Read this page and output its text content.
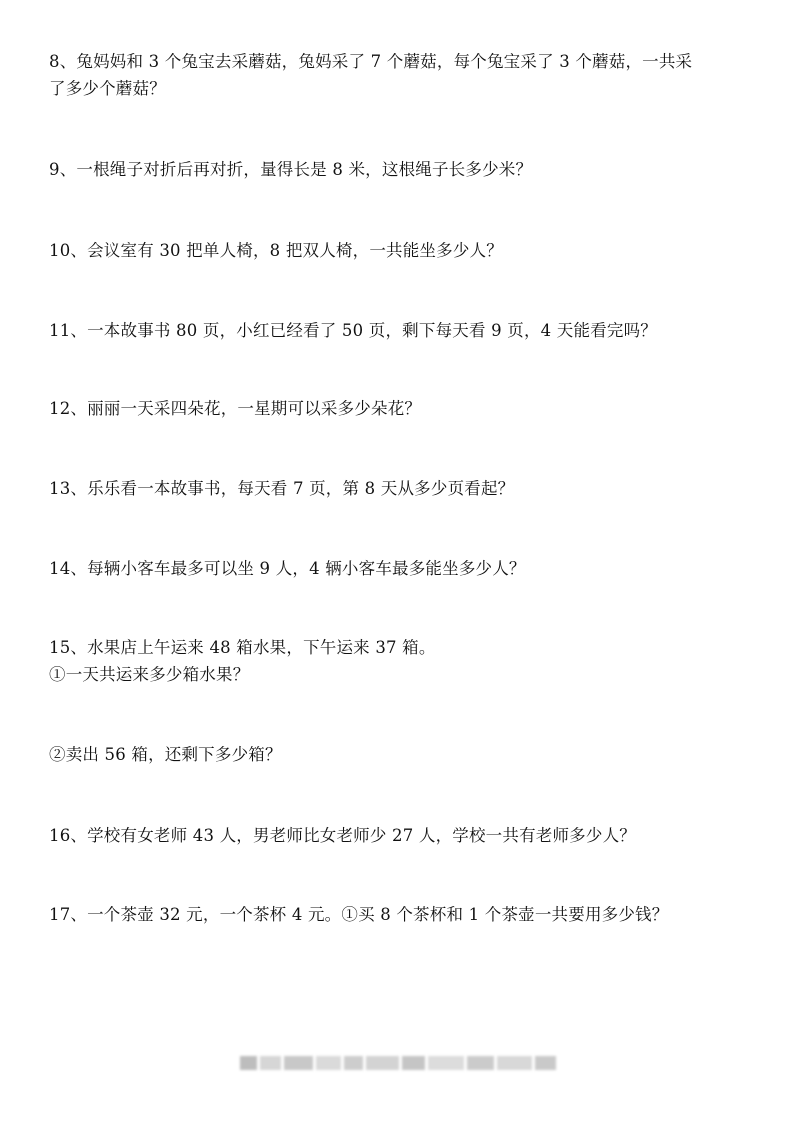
8、兔妈妈和 3 个兔宝去采蘑菇，兔妈采了 7 个蘑菇，每个兔宝采了 3 个蘑菇，一共采
了多少个蘑菇？
9、一根绳子对折后再对折，量得长是 8 米，这根绳子长多少米？
10、会议室有 30 把单人椅，8 把双人椅，一共能坐多少人？
11、一本故事书 80 页，小红已经看了 50 页，剩下每天看 9 页，4 天能看完吗？
12、丽丽一天采四朵花，一星期可以采多少朵花？
13、乐乐看一本故事书，每天看 7 页，第 8 天从多少页看起？
14、每辆小客车最多可以坐 9 人，4 辆小客车最多能坐多少人？
15、水果店上午运来 48 箱水果，下午运来 37 箱。
①一天共运来多少箱水果？
②卖出 56 箱，还剩下多少箱？
16、学校有女老师 43 人，男老师比女老师少 27 人，学校一共有老师多少人？
17、一个茶壶 32 元，一个茶杯 4 元。①买 8 个茶杯和 1 个茶壶一共要用多少钱？
